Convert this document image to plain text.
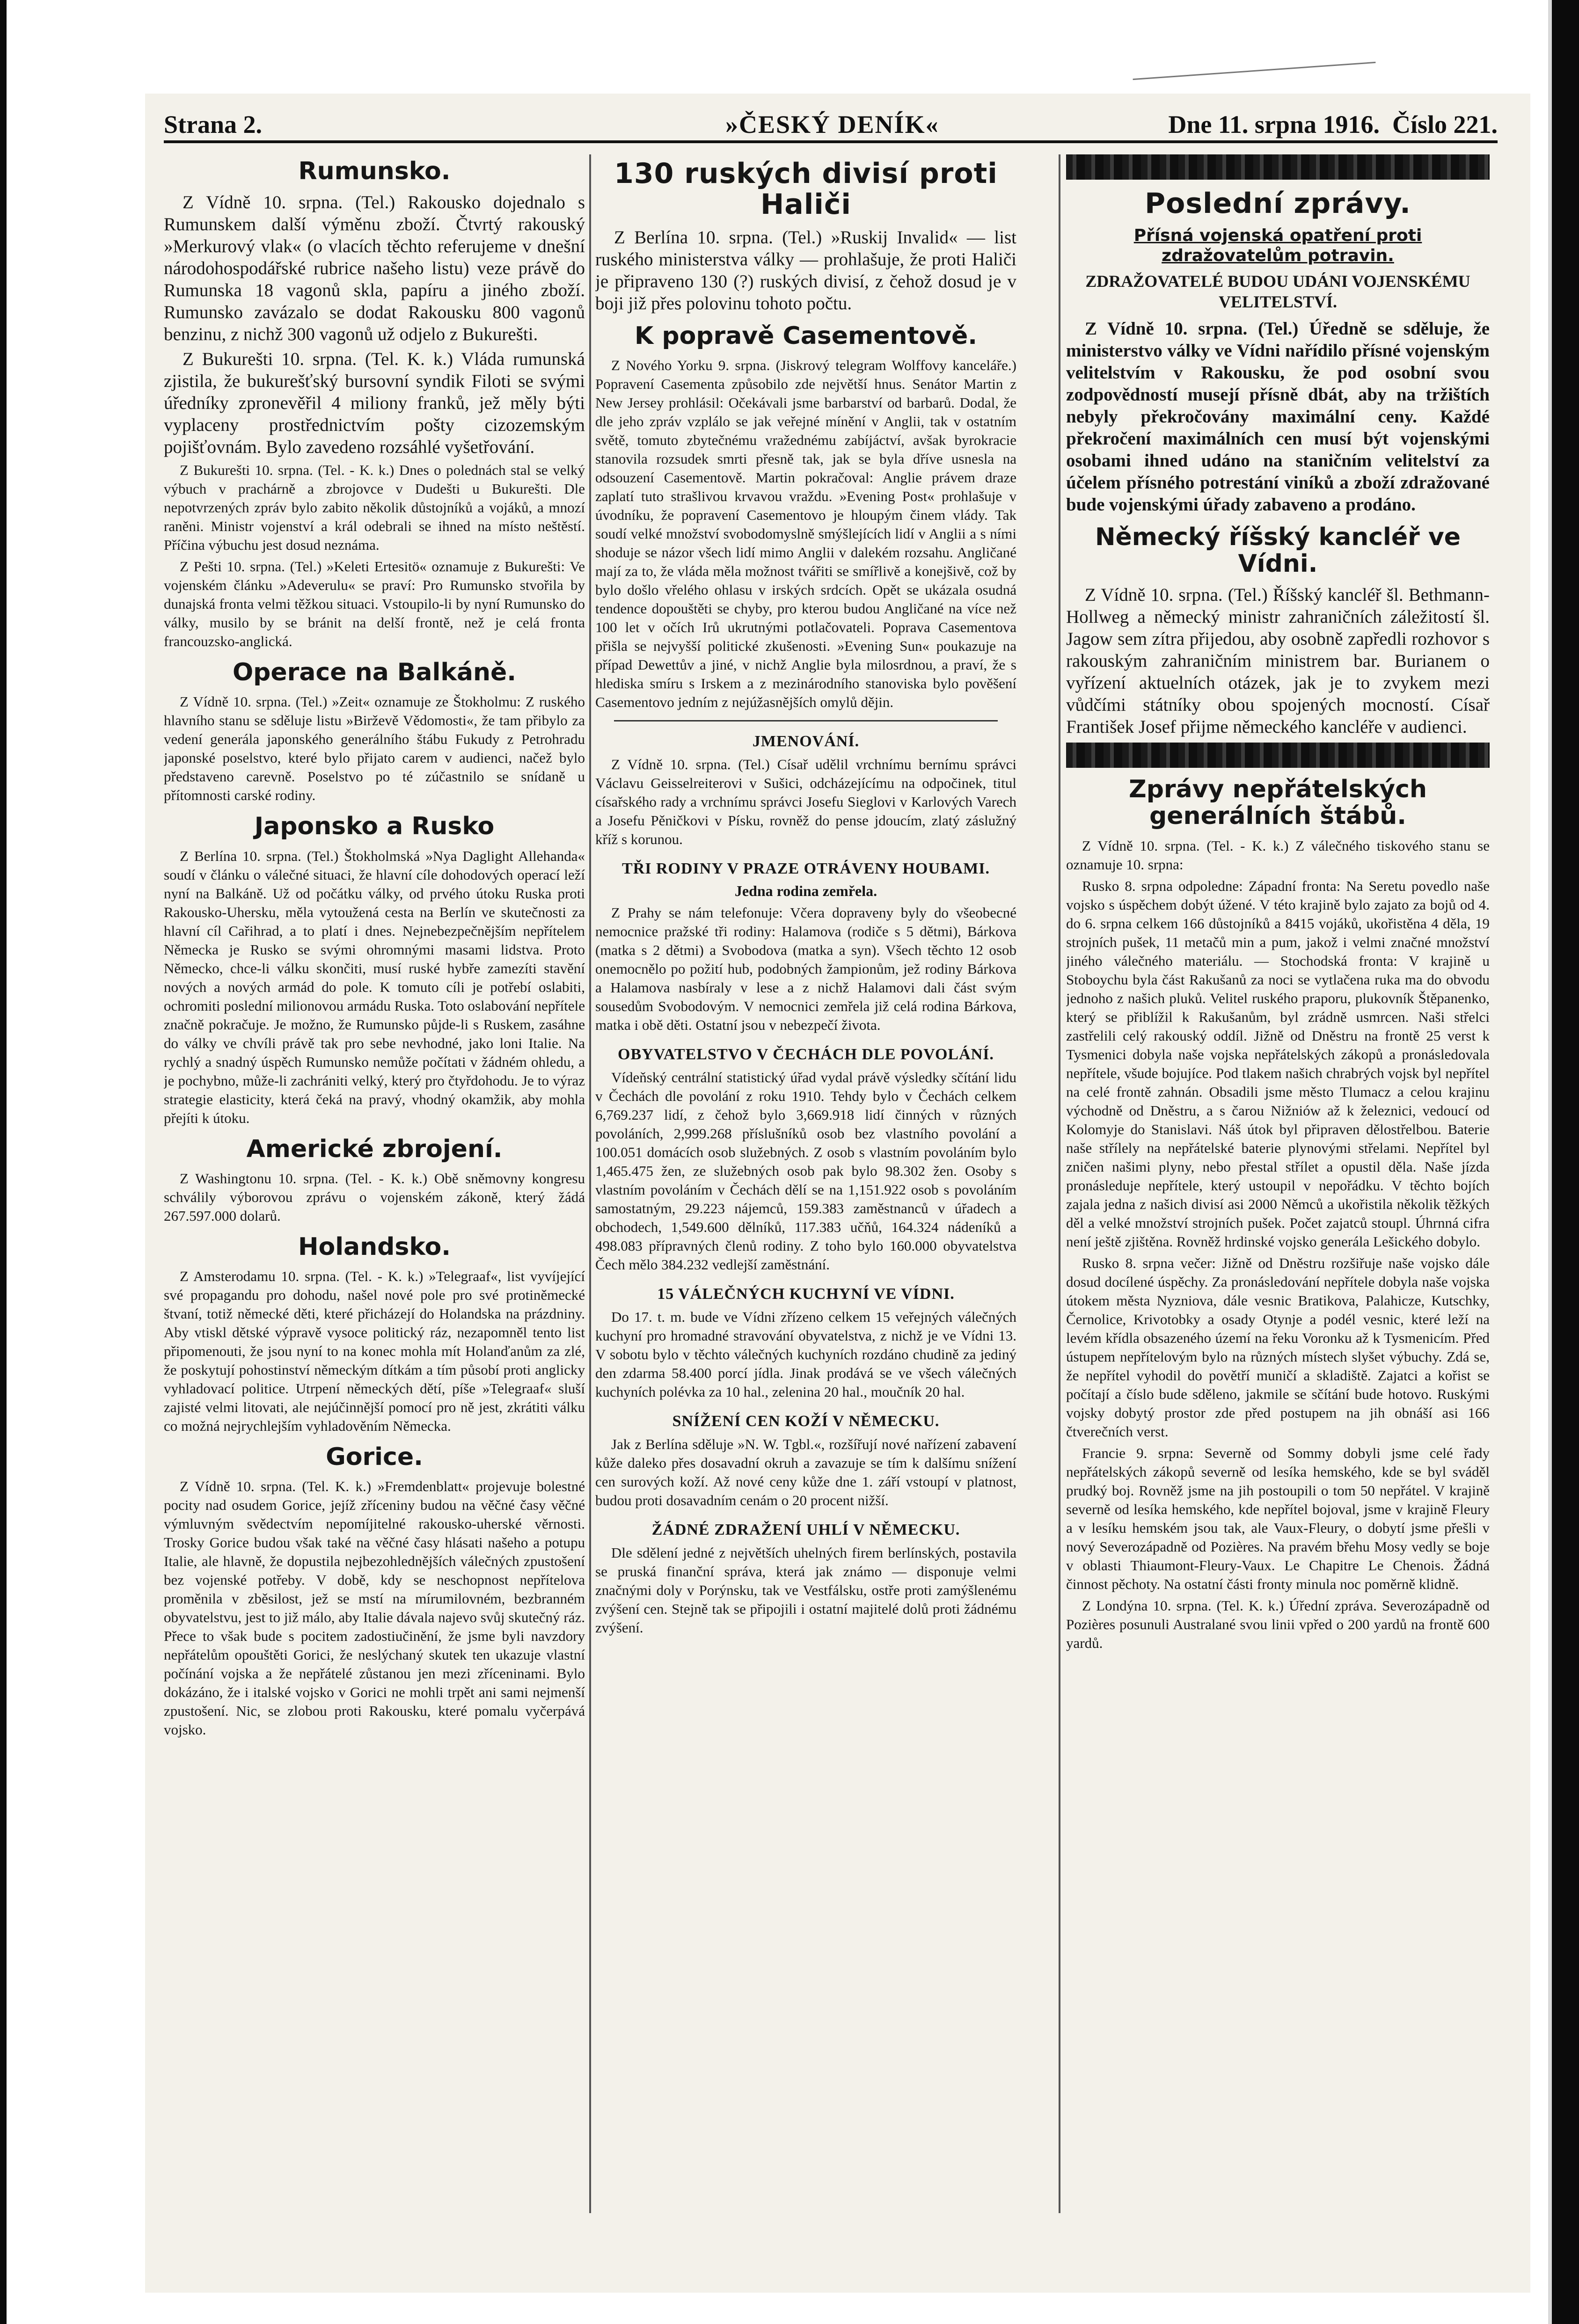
Strana 2.	»ČESKÝ DENÍK«	Dne 11. srpna 1916. Číslo 221.
Rumunsko.

Z Vídně 10. srpna. (Tel.) Rakousko dojednalo s Rumunskem další výměnu zboží. Čtvrtý rakouský »Merkurový vlak« (o vlacích těchto referujeme v dnešní národohospodářské rubrice našeho listu) veze právě do Rumunska 18 vagonů skla, papíru a jiného zboží. Rumunsko zavázalo se dodat Rakousku 800 vagonů benzinu, z nichž 300 vagonů už odjelo z Bukurešti.

Z Bukurešti 10. srpna. (Tel. K. k.) Vláda rumunská zjistila, že bukurešťský bursovní syndik Filoti se svými úředníky zpronevěřil 4 miliony franků, jež měly býti vyplaceny prostřednictvím pošty cizozemským pojišťovnám. Bylo zavedeno rozsáhlé vyšetřování.

Z Bukurešti 10. srpna. (Tel. - K. k.) Dnes o polednách stal se velký výbuch v prachárně a zbrojovce v Dudešti u Bukurešti. Dle nepotvrzených zpráv bylo zabito několik důstojníků a vojáků, a mnozí raněni. Ministr vojenství a král odebrali se ihned na místo neštěstí. Příčina výbuchu jest dosud neznáma.

Z Pešti 10. srpna. (Tel.) »Keleti Ertesitö« oznamuje z Bukurešti: Ve vojenském článku »Adeverulu« se praví: Pro Rumunsko stvořila by dunajská fronta velmi těžkou situaci. Vstoupilo-li by nyní Rumunsko do války, musilo by se bránit na delší frontě, než je celá fronta francouzsko-anglická.

Operace na Balkáně.

Z Vídně 10. srpna. (Tel.) »Zeit« oznamuje ze Štokholmu: Z ruského hlavního stanu se sděluje listu »Birževě Vědomosti«, že tam přibylo za vedení generála japonského generálního štábu Fukudy z Petrohradu japonské poselstvo, které bylo přijato carem v audienci, načež bylo představeno carevně. Poselstvo po té zúčastnilo se snídaně u přítomnosti carské rodiny.

Japonsko a Rusko

Z Berlína 10. srpna. (Tel.) Štokholmská »Nya Daglight Allehanda« soudí v článku o válečné situaci, že hlavní cíle dohodových operací leží nyní na Balkáně. Už od počátku války, od prvého útoku Ruska proti Rakousko-Uhersku, měla vytoužená cesta na Berlín ve skutečnosti za hlavní cíl Cařihrad, a to platí i dnes. Nejnebezpečnějším nepřítelem Německa je Rusko se svými ohromnými masami lidstva. Proto Německo, chce-li válku skončiti, musí ruské hybře zamezíti stavění nových a nových armád do pole. K tomuto cíli je potřebí oslabiti, ochromiti poslední milionovou armádu Ruska. Toto oslabování nepřítele značně pokračuje. Je možno, že Rumunsko půjde-li s Ruskem, zasáhne do války ve chvíli právě tak pro sebe nevhodné, jako loni Italie. Na rychlý a snadný úspěch Rumunsko nemůže počítati v žádném ohledu, a je pochybno, může-li zachrániti velký, který pro čtyřdohodu. Je to výraz strategie elasticity, která čeká na pravý, vhodný okamžik, aby mohla přejíti k útoku.

Americké zbrojení.

Z Washingtonu 10. srpna. (Tel. - K. k.) Obě sněmovny kongresu schválily výborovou zprávu o vojenském zákoně, který žádá 267.597.000 dolarů.

Holandsko.

Z Amsterodamu 10. srpna. (Tel. - K. k.) »Telegraaf«, list vyvíjející své propagandu pro dohodu, našel nové pole pro své protiněmecké štvaní, totiž německé děti, které přicházejí do Holandska na prázdniny. Aby vtiskl dětské výpravě vysoce politický ráz, nezapomněl tento list připomenouti, že jsou nyní to na konec mohla mít Holanďanům za zlé, že poskytují pohostinství německým dítkám a tím působí proti anglicky vyhladovací politice. Utrpení německých dětí, píše »Telegraaf« sluší zajisté velmi litovati, ale nejúčinnější pomocí pro ně jest, zkrátiti válku co možná nejrychlejším vyhladověním Německa.

Gorice.

Z Vídně 10. srpna. (Tel. K. k.) »Fremdenblatt« projevuje bolestné pocity nad osudem Gorice, jejíž zříceniny budou na věčné časy věčné výmluvným svědectvím nepomíjitelné rakousko-uherské věrnosti. Trosky Gorice budou však také na věčné časy hlásati našeho a potupu Italie, ale hlavně, že dopustila nejbezohlednějších válečných zpustošení bez vojenské potřeby. V době, kdy se neschopnost nepřítelova proměnila v zběsilost, jež se mstí na mírumilovném, bezbranném obyvatelstvu, jest to již málo, aby Italie dávala najevo svůj skutečný ráz. Přece to však bude s pocitem zadostiučinění, že jsme byli navzdory nepřátelům opouštěti Gorici, že neslýchaný skutek ten ukazuje vlastní počínání vojska a že nepřátelé zůstanou jen mezi zříceninami. Bylo dokázáno, že i italské vojsko v Gorici ne mohli trpět ani sami nejmenší zpustošení. Nic, se zlobou proti Rakousku, které pomalu vyčerpává vojsko.

130 ruských divisí proti Haliči

Z Berlína 10. srpna. (Tel.) »Ruskij Invalid« — list ruského ministerstva války — prohlašuje, že proti Haliči je připraveno 130 (?) ruských divisí, z čehož dosud je v boji již přes polovinu tohoto počtu.

K popravě Casementově.

Z Nového Yorku 9. srpna. (Jiskrový telegram Wolffovy kanceláře.) Popravení Casementa způsobilo zde největší hnus. Senátor Martin z New Jersey prohlásil: Očekávali jsme barbarství od barbarů. Dodal, že dle jeho zpráv vzplálo se jak veřejné mínění v Anglii, tak v ostatním světě, tomuto zbytečnému vražednému zabíjáctví, avšak byrokracie stanovila rozsudek smrti přesně tak, jak se byla dříve usnesla na odsouzení Casementově. Martin pokračoval: Anglie právem draze zaplatí tuto strašlivou krvavou vraždu. »Evening Post« prohlašuje v úvodníku, že popravení Casementovo je hloupým činem vlády. Tak soudí velké množství svobodomyslně smýšlejících lidí v Anglii a s ními shoduje se názor všech lidí mimo Anglii v dalekém rozsahu. Angličané mají za to, že vláda měla možnost tvářiti se smířlivě a konejšivě, což by bylo došlo vřelého ohlasu v irských srdcích. Opět se ukázala osudná tendence dopouštěti se chyby, pro kterou budou Angličané na více než 100 let v očích Irů ukrutnými potlačovateli. Poprava Casementova přišla se nejvyšší politické zkušenosti. »Evening Sun« poukazuje na případ Dewettův a jiné, v nichž Anglie byla milosrdnou, a praví, že s hlediska smíru s Irskem a z mezinárodního stanoviska bylo pověšení Casementovo jedním z nejúžasnějších omylů dějin.

JMENOVÁNÍ.

Z Vídně 10. srpna. (Tel.) Císař udělil vrchnímu bernímu správci Václavu Geisselreiterovi v Sušici, odcházejícímu na odpočinek, titul císařského rady a vrchnímu správci Josefu Sieglovi v Karlových Varech a Josefu Pěničkovi v Písku, rovněž do pense jdoucím, zlatý záslužný kříž s korunou.

TŘI RODINY V PRAZE OTRÁVENY HOUBAMI.
Jedna rodina zemřela.

Z Prahy se nám telefonuje: Včera dopraveny byly do všeobecné nemocnice pražské tři rodiny: Halamova (rodiče s 5 dětmi), Bárkova (matka s 2 dětmi) a Svobodova (matka a syn). Všech těchto 12 osob onemocnělo po požití hub, podobných žampionům, jež rodiny Bárkova a Halamova nasbíraly v lese a z nichž Halamovi dali část svým sousedům Svobodovým. V nemocnici zemřela již celá rodina Bárkova, matka i obě děti. Ostatní jsou v nebezpečí života.

OBYVATELSTVO V ČECHÁCH DLE POVOLÁNÍ.

Vídeňský centrální statistický úřad vydal právě výsledky sčítání lidu v Čechách dle povolání z roku 1910. Tehdy bylo v Čechách celkem 6,769.237 lidí, z čehož bylo 3,669.918 lidí činných v různých povoláních, 2,999.268 příslušníků osob bez vlastního povolání a 100.051 domácích osob služebných. Z osob s vlastním povoláním bylo 1,465.475 žen, ze služebných osob pak bylo 98.302 žen. Osoby s vlastním povoláním v Čechách dělí se na 1,151.922 osob s povoláním samostatným, 29.223 nájemců, 159.383 zaměstnanců v úřadech a obchodech, 1,549.600 dělníků, 117.383 učňů, 164.324 nádeníků a 498.083 přípravných členů rodiny. Z toho bylo 160.000 obyvatelstva Čech mělo 384.232 vedlejší zaměstnání.

15 VÁLEČNÝCH KUCHYNÍ VE VÍDNI.

Do 17. t. m. bude ve Vídni zřízeno celkem 15 veřejných válečných kuchyní pro hromadné stravování obyvatelstva, z nichž je ve Vídni 13. V sobotu bylo v těchto válečných kuchyních rozdáno chudině za jediný den zdarma 58.400 porcí jídla. Jinak prodává se ve všech válečných kuchyních polévka za 10 hal., zelenina 20 hal., moučník 20 hal.

SNÍŽENÍ CEN KOŽÍ V NĚMECKU.

Jak z Berlína sděluje »N. W. Tgbl.«, rozšířují nové nařízení zabavení kůže daleko přes dosavadní okruh a zavazuje se tím k dalšímu snížení cen surových koží. Až nové ceny kůže dne 1. září vstoupí v platnost, budou proti dosavadním cenám o 20 procent nižší.

ŽÁDNÉ ZDRAŽENÍ UHLÍ V NĚMECKU.

Dle sdělení jedné z největších uhelných firem berlínských, postavila se pruská finanční správa, která jak známo — disponuje velmi značnými doly v Porýnsku, tak ve Vestfálsku, ostře proti zamýšlenému zvýšení cen. Stejně tak se připojili i ostatní majitelé dolů proti žádnému zvýšení.

Poslední zprávy.
Přísná vojenská opatření proti zdražovatelům potravin.
ZDRAŽOVATELÉ BUDOU UDÁNI VOJENSKÉMU VELITELSTVÍ.

Z Vídně 10. srpna. (Tel.) Úředně se sděluje, že ministerstvo války ve Vídni nařídilo přísné vojenským velitelstvím v Rakousku, že pod osobní svou zodpovědností musejí přísně dbát, aby na tržištích nebyly překročovány maximální ceny. Každé překročení maximálních cen musí být vojenskými osobami ihned udáno na staničním velitelství za účelem přísného potrestání viníků a zboží zdražované bude vojenskými úřady zabaveno a prodáno.

Německý říšský kancléř ve Vídni.

Z Vídně 10. srpna. (Tel.) Říšský kancléř šl. Bethmann-Hollweg a německý ministr zahraničních záležitostí šl. Jagow sem zítra přijedou, aby osobně zapředli rozhovor s rakouským zahraničním ministrem bar. Burianem o vyřízení aktuelních otázek, jak je to zvykem mezi vůdčími státníky obou spojených mocností. Císař František Josef přijme německého kancléře v audienci.

Zprávy nepřátelských generálních štábů.

Z Vídně 10. srpna. (Tel. - K. k.) Z válečného tiskového stanu se oznamuje 10. srpna:

Rusko 8. srpna odpoledne: Západní fronta: Na Seretu povedlo naše vojsko s úspěchem dobýt úžené. V této krajině bylo zajato za bojů od 4. do 6. srpna celkem 166 důstojníků a 8415 vojáků, ukořistěna 4 děla, 19 strojních pušek, 11 metačů min a pum, jakož i velmi značné množství jiného válečného materiálu. — Stochodská fronta: V krajině u Stoboychu byla část Rakušanů za noci se vytlačena ruka ma do obvodu jednoho z našich pluků. Velitel ruského praporu, plukovník Štěpanenko, který se přiblížil k Rakušanům, byl zrádně usmrcen. Naši střelci zastřelili celý rakouský oddíl. Jižně od Dněstru na frontě 25 verst k Tysmenici dobyla naše vojska nepřátelských zákopů a pronásledovala nepřítele, všude bojujíce. Pod tlakem našich chrabrých vojsk byl nepřítel na celé frontě zahnán. Obsadili jsme město Tlumacz a celou krajinu východně od Dněstru, a s čarou Nižniów až k železnici, vedoucí od Kolomyje do Stanislavi. Náš útok byl připraven dělostřelbou. Baterie naše střílely na nepřátelské baterie plynovými střelami. Nepřítel byl zničen našimi plyny, nebo přestal střílet a opustil děla. Naše jízda pronásleduje nepřítele, který ustoupil v nepořádku. V těchto bojích zajala jedna z našich divisí asi 2000 Němců a ukořistila několik těžkých děl a velké množství strojních pušek. Počet zajatců stoupl. Úhrnná cifra není ještě zjištěna. Rovněž hrdinské vojsko generála Lešického dobylo.

Rusko 8. srpna večer: Jižně od Dněstru rozšiřuje naše vojsko dále dosud docílené úspěchy. Za pronásledování nepřítele dobyla naše vojska útokem města Nyzniova, dále vesnic Bratikova, Palahicze, Kutschky, Černolice, Krivotobky a osady Otynje a podél vesnic, které leží na levém křídla obsazeného území na řeku Voronku až k Tysmenicím. Před ústupem nepřítelovým bylo na různých místech slyšet výbuchy. Zdá se, že nepřítel vyhodil do povětří muničí a skladiště. Zajatci a kořist se počítají a číslo bude sděleno, jakmile se sčítání bude hotovo. Ruskými vojsky dobytý prostor zde před postupem na jih obnáší asi 166 čtverečních verst.

Francie 9. srpna: Severně od Sommy dobyli jsme celé řady nepřátelských zákopů severně od lesíka hemského, kde se byl sváděl prudký boj. Rovněž jsme na jih postoupili o tom 50 nepřátel. V krajině severně od lesíka hemského, kde nepřítel bojoval, jsme v krajině Fleury a v lesíku hemském jsou tak, ale Vaux-Fleury, o dobytí jsme přešli v nový Severozápadně od Pozières. Na pravém břehu Mosy vedly se boje v oblasti Thiaumont-Fleury-Vaux. Le Chapitre Le Chenois. Žádná činnost pěchoty. Na ostatní části fronty minula noc poměrně klidně.

Z Londýna 10. srpna. (Tel. K. k.) Úřední zpráva. Severozápadně od Pozières posunuli Australané svou linii vpřed o 200 yardů na frontě 600 yardů.
